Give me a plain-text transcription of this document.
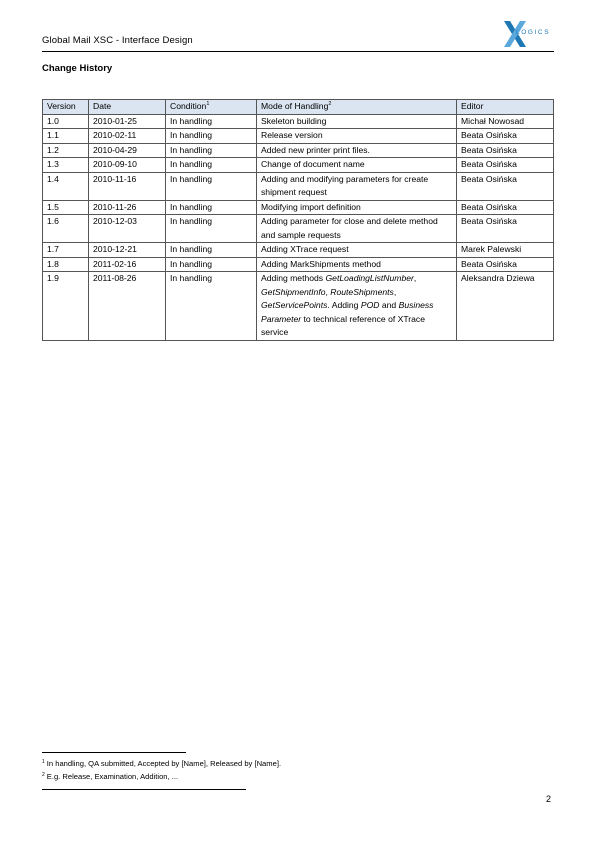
Global Mail XSC - Interface Design
LOGICS
Change History
Version	Date	Condition$^1$	Mode of Handling$^2$	Editor
1.0	2010-01-25	In handling	Skeleton building	Michał Nowosad
1.1	2010-02-11	In handling	Release version	Beata Osińska
1.2	2010-04-29	In handling	Added new printer print files.	Beata Osińska
1.3	2010-09-10	In handling	Change of document name	Beata Osińska
1.4	2010-11-16	In handling	Adding and modifying parameters for create shipment request	Beata Osińska
1.5	2010-11-26	In handling	Modifying import definition	Beata Osińska
1.6	2010-12-03	In handling	Adding parameter for close and delete method and sample requests	Beata Osińska
1.7	2010-12-21	In handling	Adding XTrace request	Marek Palewski
1.8	2011-02-16	In handling	Adding MarkShipments method	Beata Osińska
1.9	2011-08-26	In handling	Adding methods GetLoadingListNumber, GetShipmentInfo, RouteShipments, GetServicePoints. Adding POD and Business Parameter to technical reference of XTrace service	Aleksandra Dziewa
$^1$ In handling, QA submitted, Accepted by [Name], Released by [Name].
$^2$ E.g. Release, Examination, Addition, ...
2
